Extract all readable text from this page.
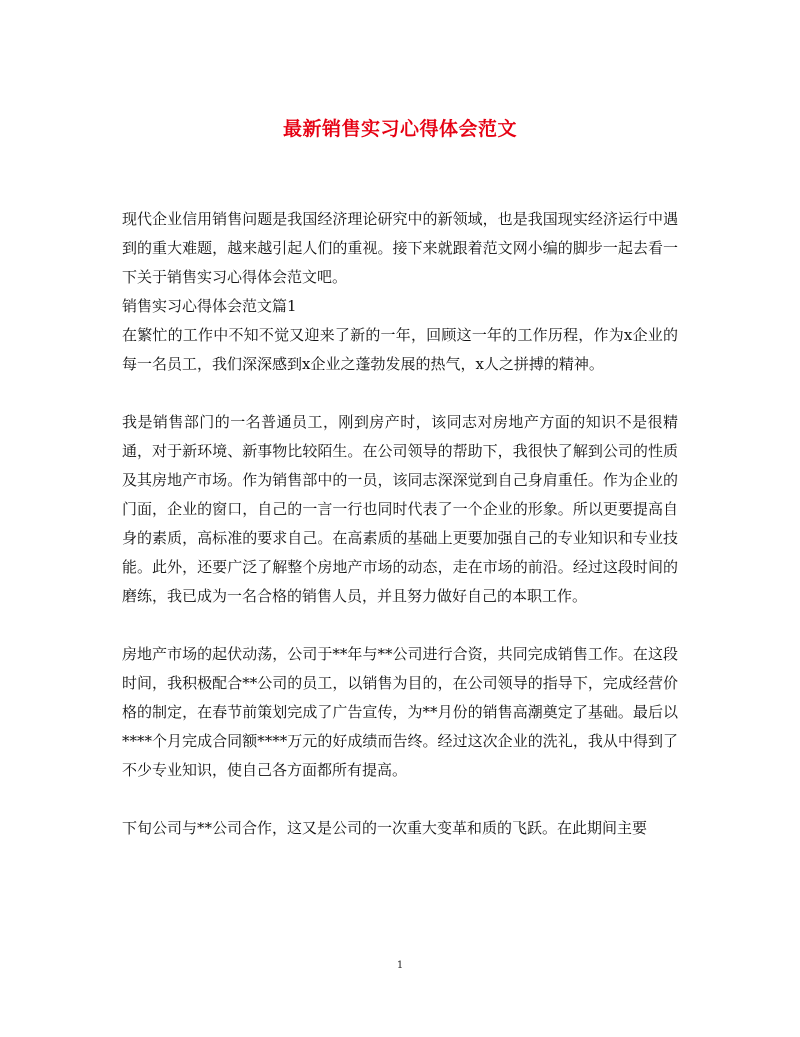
最新销售实习心得体会范文

现代企业信用销售问题是我国经济理论研究中的新领域，也是我国现实经济运行中遇到的重大难题，越来越引起人们的重视。接下来就跟着范文网小编的脚步一起去看一下关于销售实习心得体会范文吧。

销售实习心得体会范文篇1

在繁忙的工作中不知不觉又迎来了新的一年，回顾这一年的工作历程，作为x企业的每一名员工，我们深深感到x企业之蓬勃发展的热气，x人之拼搏的精神。

我是销售部门的一名普通员工，刚到房产时，该同志对房地产方面的知识不是很精通，对于新环境、新事物比较陌生。在公司领导的帮助下，我很快了解到公司的性质及其房地产市场。作为销售部中的一员，该同志深深觉到自己身肩重任。作为企业的门面，企业的窗口，自己的一言一行也同时代表了一个企业的形象。所以更要提高自身的素质，高标准的要求自己。在高素质的基础上更要加强自己的专业知识和专业技能。此外，还要广泛了解整个房地产市场的动态，走在市场的前沿。经过这段时间的磨练，我已成为一名合格的销售人员，并且努力做好自己的本职工作。

房地产市场的起伏动荡，公司于**年与**公司进行合资，共同完成销售工作。在这段时间，我积极配合**公司的员工，以销售为目的，在公司领导的指导下，完成经营价格的制定，在春节前策划完成了广告宣传，为**月份的销售高潮奠定了基础。最后以****个月完成合同额****万元的好成绩而告终。经过这次企业的洗礼，我从中得到了不少专业知识，使自己各方面都所有提高。

下旬公司与**公司合作，这又是公司的一次重大变革和质的飞跃。在此期间主要

1
